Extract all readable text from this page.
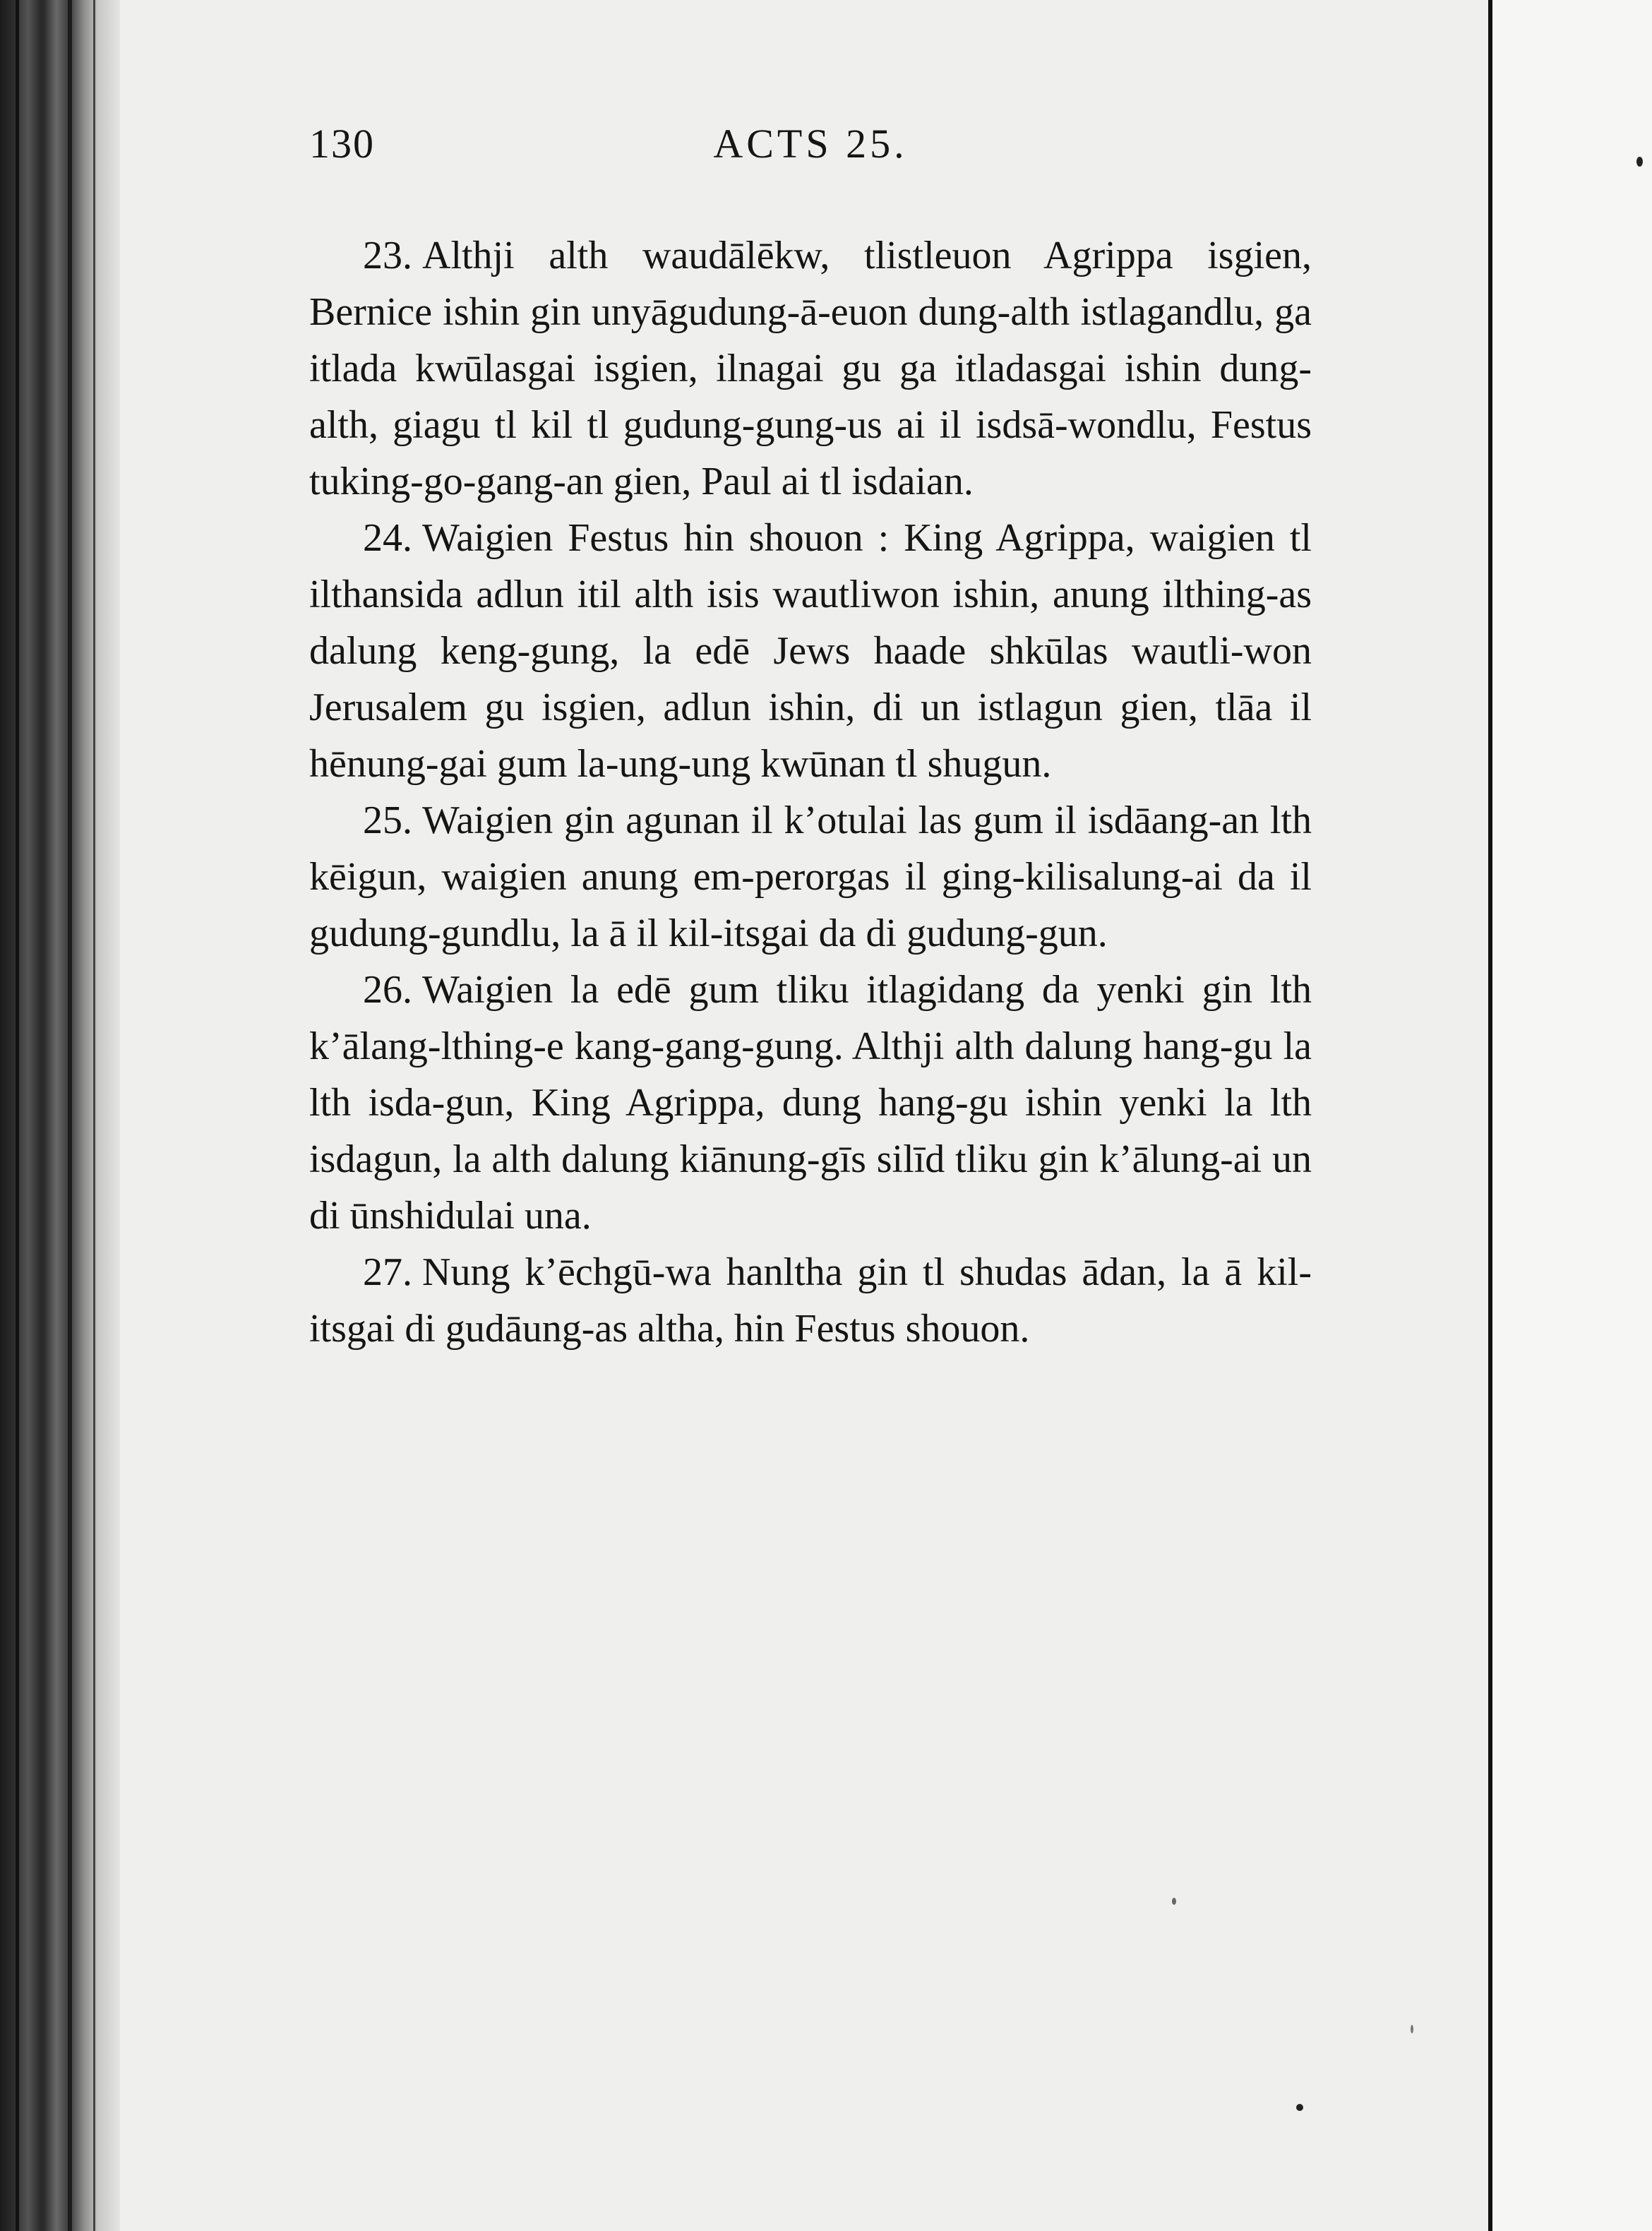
130	ACTS 25.

23. Althji alth waudālēkw, tlistleuon Agrippa isgien, Bernice ishin gin unyāgudung-ā-euon dung-alth istlagandlu, ga itlada kwūlasgai isgien, ilnagai gu ga itladasgai ishin dung-alth, giagu tl kil tl gudung-gung-us ai il isdsā-wondlu, Festus tuking-go-gang-an gien, Paul ai tl isdaian.

24. Waigien Festus hin shouon : King Agrippa, waigien tl ilthansida adlun itil alth isis wautliwon ishin, anung ilthing-as dalung keng-gung, la edē Jews haade shkūlas wautli-won Jerusalem gu isgien, adlun ishin, di un istlagun gien, tlāa il hēnung-gai gum la-ung-ung kwūnan tl shugun.

25. Waigien gin agunan il k’otulai las gum il isdāang-an lth kēigun, waigien anung em-perorgas il ging-kilisalung-ai da il gudung-gundlu, la ā il kil-itsgai da di gudung-gun.

26. Waigien la edē gum tliku itlagidang da yenki gin lth k’ālang-lthing-e kang-gang-gung. Althji alth dalung hang-gu la lth isda-gun, King Agrippa, dung hang-gu ishin yenki la lth isdagun, la alth dalung kiānung-gīs silīd tliku gin k’ālung-ai un di ūnshidulai una.

27. Nung k’ēchgū-wa hanltha gin tl shudas ādan, la ā kil-itsgai di gudāung-as altha, hin Festus shouon.
